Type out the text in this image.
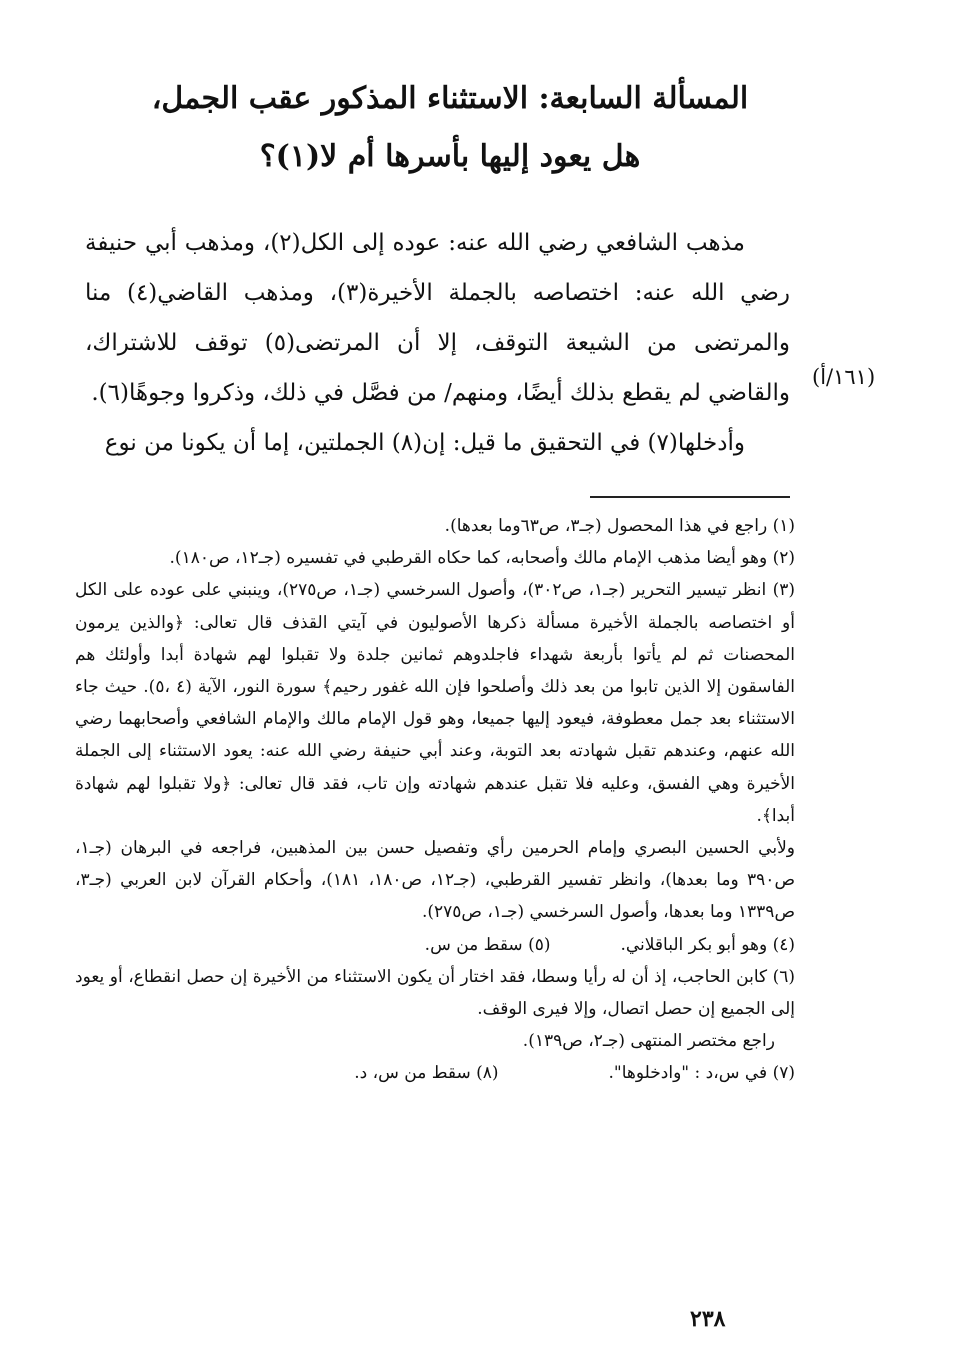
المسألة السابعة: الاستثناء المذكور عقب الجمل،
هل يعود إليها بأسرها أم لا(١)؟

مذهب الشافعي رضي الله عنه: عوده إلى الكل(٢)، ومذهب أبي حنيفة رضي الله عنه: اختصاصه بالجملة الأخيرة(٣)، ومذهب القاضي(٤) منا والمرتضى من الشيعة التوقف، إلا أن المرتضى(٥) توقف للاشتراك، والقاضي لم يقطع بذلك أيضًا، ومنهم/ من فصَّل في ذلك، وذكروا وجوهًا(٦).

وأدخلها(٧) في التحقيق ما قيل: إن(٨) الجملتين، إما أن يكونا من نوع

(١٦١/أ)

(١) راجع في هذا المحصول (جـ٣، ص٦٣وما بعدها).

(٢) وهو أيضا مذهب الإمام مالك وأصحابه، كما حكاه القرطبي في تفسيره (جـ١٢، ص١٨٠).

(٣) انظر تيسير التحرير (جـ١، ص٣٠٢)، وأصول السرخسي (جـ١، ص٢٧٥)، وينبني على عوده على الكل أو اختصاصه بالجملة الأخيرة مسألة ذكرها الأصوليون في آيتي القذف قال تعالى: ﴿والذين يرمون المحصنات ثم لم يأتوا بأربعة شهداء فاجلدوهم ثمانين جلدة ولا تقبلوا لهم شهادة أبدا وأولئك هم الفاسقون إلا الذين تابوا من بعد ذلك وأصلحوا فإن الله غفور رحيم﴾ سورة النور، الآية (٤ ،٥). حيث جاء الاستثناء بعد جمل معطوفة، فيعود إليها جميعا، وهو قول الإمام مالك والإمام الشافعي وأصحابهما رضي الله عنهم، وعندهم تقبل شهادته بعد التوبة، وعند أبي حنيفة رضي الله عنه: يعود الاستثناء إلى الجملة الأخيرة وهي الفسق، وعليه فلا تقبل عندهم شهادته وإن تاب، فقد قال تعالى: ﴿ولا تقبلوا لهم شهادة أبدا﴾.

ولأبي الحسين البصري وإمام الحرمين رأي وتفصيل حسن بين المذهبين، فراجعه في البرهان (جـ١، ص٣٩٠ وما بعدها)، وانظر تفسير القرطبي، (جـ١٢، ص١٨٠، ١٨١)، وأحكام القرآن لابن العربي (جـ٣، ص١٣٣٩ وما بعدها، وأصول السرخسي (جـ١، ص٢٧٥).

(٤) وهو أبو بكر الباقلاني.
(٥) سقط من س.

(٦) كابن الحاجب، إذ أن له رأيا وسطا، فقد اختار أن يكون الاستثناء من الأخيرة إن حصل انقطاع، أو يعود إلى الجميع إن حصل اتصال، وإلا فيرى الوقف.

راجع مختصر المنتهى (جـ٢، ص١٣٩).

(٧) في س،د : "وادخلوها".
(٨) سقط من س، د.
٢٣٨
